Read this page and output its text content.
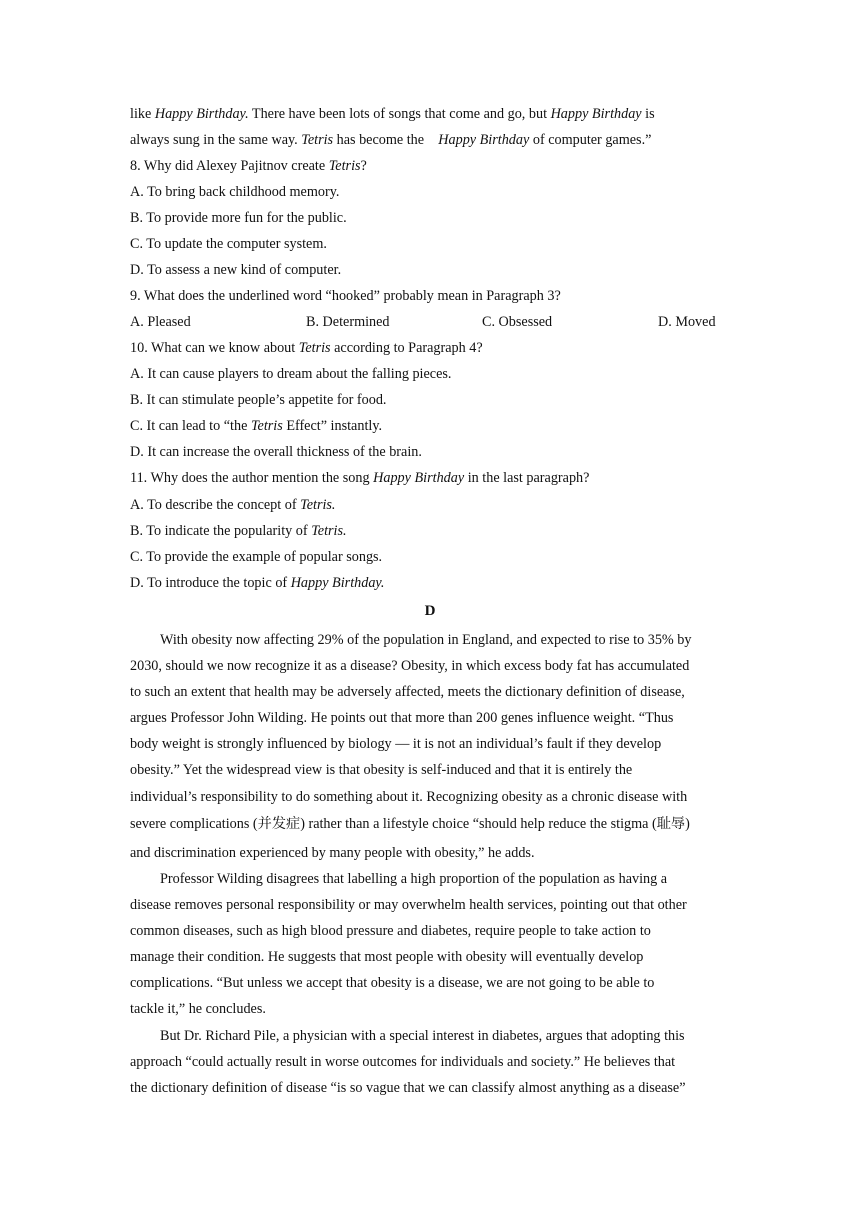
like Happy Birthday. There have been lots of songs that come and go, but Happy Birthday is
always sung in the same way. Tetris has become the    Happy Birthday of computer games.”
8. Why did Alexey Pajitnov create Tetris?
A. To bring back childhood memory.
B. To provide more fun for the public.
C. To update the computer system.
D. To assess a new kind of computer.
9. What does the underlined word “hooked” probably mean in Paragraph 3?
A. Pleased	B. Determined	C. Obsessed	D. Moved
10. What can we know about Tetris according to Paragraph 4?
A. It can cause players to dream about the falling pieces.
B. It can stimulate people’s appetite for food.
C. It can lead to “the Tetris Effect” instantly.
D. It can increase the overall thickness of the brain.
11. Why does the author mention the song Happy Birthday in the last paragraph?
A. To describe the concept of Tetris.
B. To indicate the popularity of Tetris.
C. To provide the example of popular songs.
D. To introduce the topic of Happy Birthday.
D
With obesity now affecting 29% of the population in England, and expected to rise to 35% by
2030, should we now recognize it as a disease? Obesity, in which excess body fat has accumulated
to such an extent that health may be adversely affected, meets the dictionary definition of disease,
argues Professor John Wilding. He points out that more than 200 genes influence weight. “Thus
body weight is strongly influenced by biology — it is not an individual’s fault if they develop
obesity.” Yet the widespread view is that obesity is self-induced and that it is entirely the
individual’s responsibility to do something about it. Recognizing obesity as a chronic disease with
severe complications (并发症) rather than a lifestyle choice “should help reduce the stigma (耻辱)
and discrimination experienced by many people with obesity,” he adds.
Professor Wilding disagrees that labelling a high proportion of the population as having a
disease removes personal responsibility or may overwhelm health services, pointing out that other
common diseases, such as high blood pressure and diabetes, require people to take action to
manage their condition. He suggests that most people with obesity will eventually develop
complications. “But unless we accept that obesity is a disease, we are not going to be able to
tackle it,” he concludes.
But Dr. Richard Pile, a physician with a special interest in diabetes, argues that adopting this
approach “could actually result in worse outcomes for individuals and society.” He believes that
the dictionary definition of disease “is so vague that we can classify almost anything as a disease”
